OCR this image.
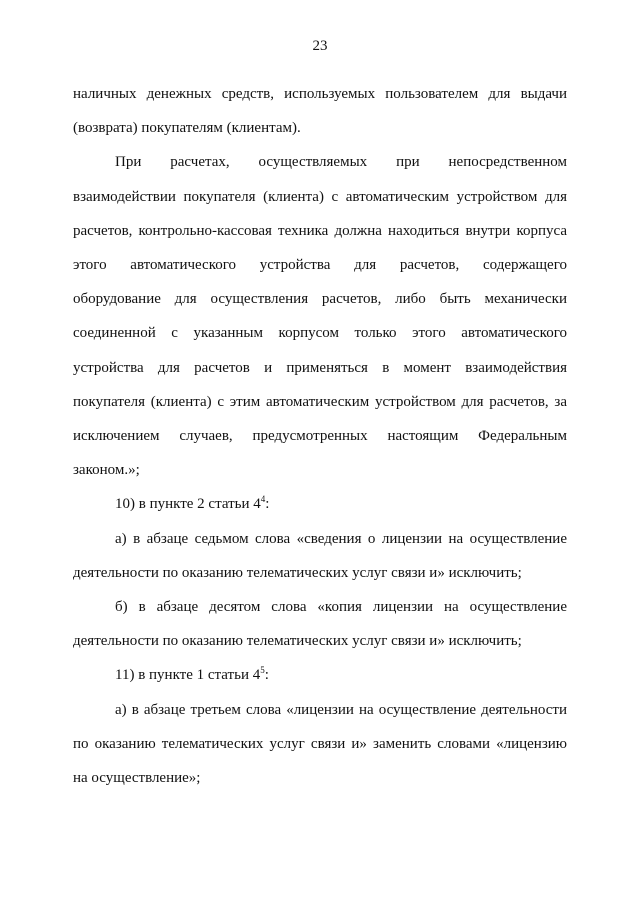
23

наличных денежных средств, используемых пользователем для выдачи
(возврата) покупателям (клиентам).

При расчетах, осуществляемых при непосредственном
взаимодействии покупателя (клиента) с автоматическим устройством для
расчетов, контрольно-кассовая техника должна находиться внутри корпуса
этого автоматического устройства для расчетов, содержащего
оборудование для осуществления расчетов, либо быть механически
соединенной с указанным корпусом только этого автоматического
устройства для расчетов и применяться в момент взаимодействия
покупателя (клиента) с этим автоматическим устройством для расчетов, за
исключением случаев, предусмотренных настоящим Федеральным
законом.»;

10) в пункте 2 статьи $4^4$:

а) в абзаце седьмом слова «сведения о лицензии на осуществление
деятельности по оказанию телематических услуг связи и» исключить;

б) в абзаце десятом слова «копия лицензии на осуществление
деятельности по оказанию телематических услуг связи и» исключить;

11) в пункте 1 статьи $4^5$:

а) в абзаце третьем слова «лицензии на осуществление деятельности
по оказанию телематических услуг связи и» заменить словами «лицензию
на осуществление»;
